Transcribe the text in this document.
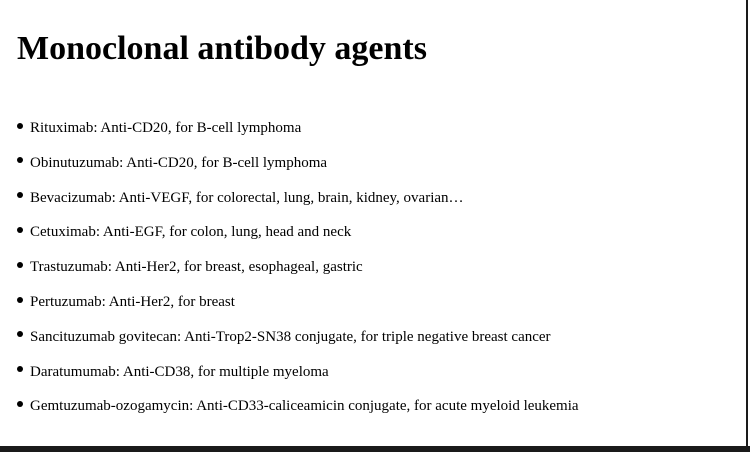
Monoclonal antibody agents
Rituximab: Anti-CD20, for B-cell lymphoma
Obinutuzumab: Anti-CD20, for B-cell lymphoma
Bevacizumab: Anti-VEGF, for colorectal, lung, brain, kidney, ovarian…
Cetuximab: Anti-EGF, for colon, lung, head and neck
Trastuzumab: Anti-Her2, for breast, esophageal, gastric
Pertuzumab: Anti-Her2, for breast
Sancituzumab govitecan: Anti-Trop2-SN38 conjugate, for triple negative breast cancer
Daratumumab: Anti-CD38, for multiple myeloma
Gemtuzumab-ozogamycin: Anti-CD33-caliceamicin conjugate, for acute myeloid leukemia
